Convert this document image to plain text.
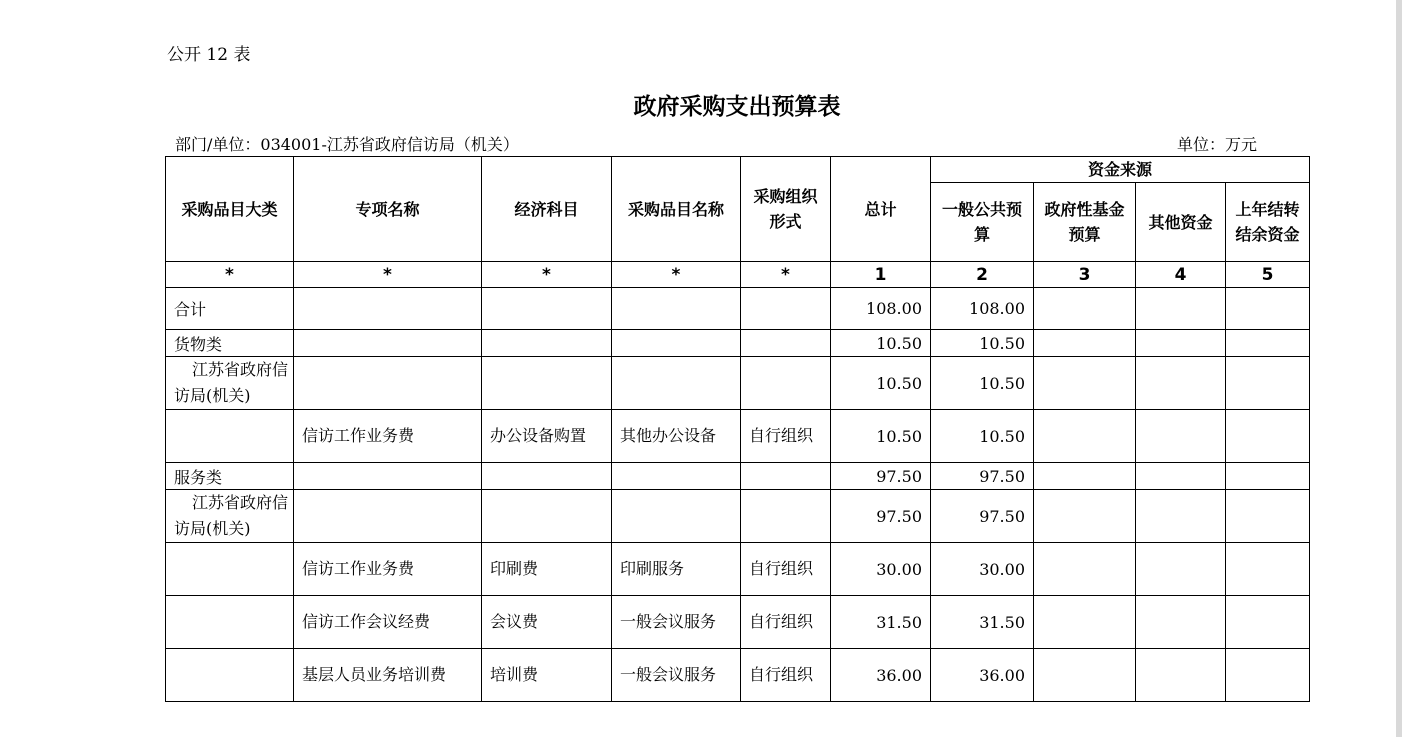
公开 12 表
政府采购支出预算表
部门/单位：034001-江苏省政府信访局（机关）	单位：万元
采购品目大类	专项名称	经济科目	采购品目名称	采购组织形式	总计	资金来源			

						一般公共预算	政府性基金预算	其他资金	上年结转结余资金

*	*	*	*	*	1	2	3	4	5
合计					108.00	108.00			
货物类					10.50	10.50			

江苏省政府信访局(机关)					10.50	10.50			
	信访工作业务费	办公设备购置	其他办公设备	自行组织	10.50	10.50			
服务类					97.50	97.50			

江苏省政府信访局(机关)					97.50	97.50			
	信访工作业务费	印刷费	印刷服务	自行组织	30.00	30.00			
	信访工作会议经费	会议费	一般会议服务	自行组织	31.50	31.50			
	基层人员业务培训费	培训费	一般会议服务	自行组织	36.00	36.00			
